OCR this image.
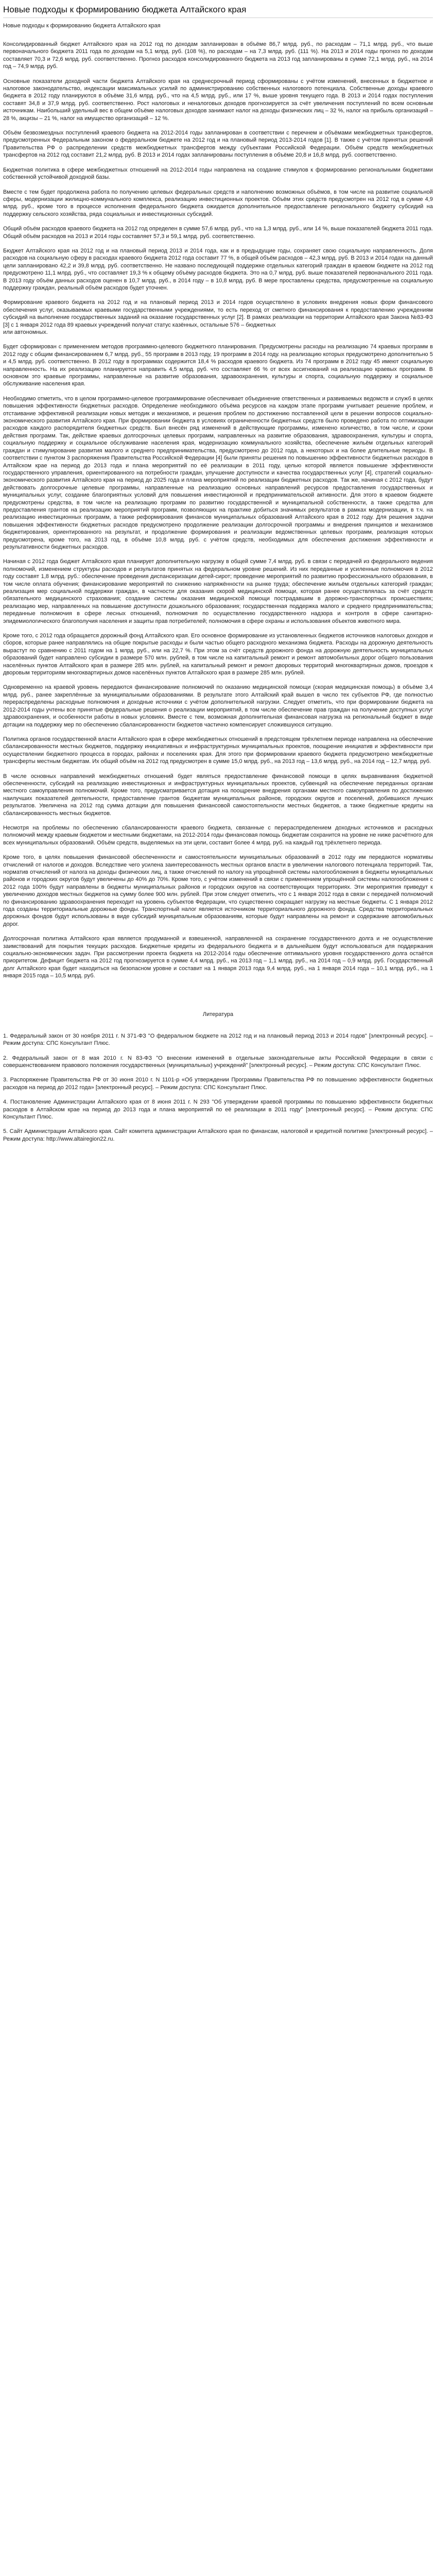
Новые подходы к формированию бюджета Алтайского края
Новые подходы к формированию бюджета Алтайского края

Консолидированный бюджет Алтайского края на 2012 год по доходам запланирован в объёме 86,7 млрд. руб., по расходам – 71,1 млрд. руб., что выше первоначального бюджета 2011 года по доходам на 5,1 млрд. руб. (108 %), по расходам – на 7,3 млрд. руб. (111 %). На 2013 и 2014 годы прогноз по доходам составляет 70,3 и 72,6 млрд. руб. соответственно. Прогноз расходов консолидированного бюджета на 2013 год запланированы в сумме 72,1 млрд. руб., на 2014 год – 74,9 млрд. руб.

Основные показатели доходной части бюджета Алтайского края на среднесрочный период сформированы с учётом изменений, внесенных в бюджетное и налоговое законодательство, индексации максимальных усилий по администрированию собственных налогового потенциала. Собственные доходы краевого бюджета в 2012 году планируются в объёме 31,6 млрд. руб., что на 4,5 млрд. руб., или 17 %, выше уровня текущего года. В 2013 и 2014 годах поступления составят 34,8 и 37,9 млрд. руб. соответственно. Рост налоговых и неналоговых доходов прогнозируется за счёт увеличения поступлений по всем основным источникам. Наибольший удельный вес в общем объёме налоговых доходов занимают налог на доходы физических лиц – 32 %, налог на прибыль организаций – 28 %, акцизы – 21 %, налог на имущество организаций – 12 %.

Объём безвозмездных поступлений краевого бюджета на 2012-2014 годы запланирован в соответствии с перечнем и объёмами межбюджетных трансфертов, предусмотренных Федеральным законом о федеральном бюджете на 2012 год и на плановый период 2013-2014 годов [1]. В также с учётом принятых решений Правительства РФ о распределении средств межбюджетных трансфертов между субъектами Российской Федерации. Объём средств межбюджетных трансфертов на 2012 год составит 21,2 млрд. руб. В 2013 и 2014 годах запланированы поступления в объёме 20,8 и 16,8 млрд. руб. соответственно.

Бюджетная политика в сфере межбюджетных отношений на 2012-2014 годы направлена на создание стимулов к формированию региональными бюджетами собственной устойчивой доходной базы.

Вместе с тем будет продолжена работа по получению целевых федеральных средств и наполнению возможных объёмов, в том числе на развитие социальной сферы, модернизации жилищно-коммунального комплекса, реализацию инвестиционных проектов. Объём этих средств предусмотрен на 2012 год в сумме 4,9 млрд. руб., кроме того в процессе исполнения федерального бюджета ожидается дополнительное предоставление регионального бюджету субсидий на поддержку сельского хозяйства, ряда социальных и инвестиционных субсидий.

Общий объём расходов краевого бюджета на 2012 год определен в сумме 57,6 млрд. руб., что на 1,3 млрд. руб., или 14 %, выше показателей бюджета 2011 года. Общий объём расходов на 2013 и 2014 годы составляет 57,3 и 59,1 млрд. руб. соответственно.

Бюджет Алтайского края на 2012 год и на плановый период 2013 и 2014 года, как и в предыдущие годы, сохраняет свою социальную направленность. Доля расходов на социальную сферу в расходах краевого бюджета 2012 года составит 77 %, в общей объём расходов – 42,3 млрд. руб. В 2013 и 2014 годах на данный цели запланировано 42,2 и 39,8 млрд. руб. соответственно. Не названо последующей поддержке отдельных категорий граждан в краевом бюджете на 2012 год предусмотрено 11,1 млрд. руб., что составляет 19,3 % к общему объёму расходов бюджета. Это на 0,7 млрд. руб. выше показателей первоначального 2011 года. В 2013 году объём данных расходов оценен в 10,7 млрд. руб., в 2014 году – в 10,8 млрд. руб. В мере проставлены средства, предусмотренные на социальную поддержку граждан, реальный объём расходов будет уточнен.

Формирование краевого бюджета на 2012 год и на плановый период 2013 и 2014 годов осуществлено в условиях внедрения новых форм финансового обеспечения услуг, оказываемых краевыми государственными учреждениями, то есть переход от сметного финансирования к предоставлению учреждениям субсидий на выполнение государственных заданий на оказание государственных услуг [2]. В рамках реализации на территории Алтайского края Закона №83-ФЗ [3] с 1 января 2012 года 89 краевых учреждений получат статус казённых, остальные 576 – бюджетных

или автономных.

Будет сформирован с применением методов программно-целевого бюджетного планирования. Предусмотрены расходы на реализацию 74 краевых программ в 2012 году с общим финансированием 6,7 млрд. руб., 55 программ в 2013 году, 19 программ в 2014 году. на реализацию которых предусмотрено дополнительно 5 и 4,5 млрд. руб. соответственно. В 2012 году в программах содержится 18,4 % расходов краевого бюджета. Из 74 программ в 2012 году 45 имеют социальную направленность. На их реализацию планируется направить 4,5 млрд. руб. что составляет 66 % от всех ассигнований на реализацию краевых программ. В основном это краевые программы, направленные на развитие образования, здравоохранения, культуры и спорта, социальную поддержку и социальное обслуживание населения края.

Необходимо отметить, что в целом программно-целевое программирование обеспечивает объединение ответственных и развиваемых ведомств и служб в целях повышения эффективности бюджетных расходов. Определение необходимого объёма ресурсов на каждом этапе программ учитывает решение проблем, и отстаивание эффективной реализации новых методик и механизмов, и решения проблем по достижению поставленной цели в решении вопросов социально-экономического развития Алтайского края. При формировании бюджета в условиях ограниченности бюджетных средств было проведено работа по оптимизации расходов каждого распорядителя бюджетных средств. Был внесён ряд изменений в действующие программы, изменено количество, в том числе, и сроки действия программ. Так, действие краевых долгосрочных целевых программ, направленных на развитие образования, здравоохранения, культуры и спорта, социальную поддержку и социальное обслуживание населения края, модернизацию коммунального хозяйства, обеспечение жильём отдельных категорий граждан и стимулирование развития малого и среднего предпринимательства, предусмотрено до 2012 года, а некоторых и на более длительные периоды. В соответствии с пунктом 3 распоряжения Правительства Российской Федерации [4] были приняты решения по повышению эффективности бюджетных расходов в Алтайском крае на период до 2013 года и плана мероприятий по её реализации в 2011 году, целью которой является повышение эффективности государственного управления, ориентированного на потребности граждан, улучшение доступности и качества государственных услуг [4], стратегий социально-экономического развития Алтайского края на период до 2025 года и плана мероприятий по реализации бюджетных расходов. Так же, начиная с 2012 года, будут действовать долгосрочные целевые программы, направленные на реализацию основных направлений ресурсов предоставления государственных и муниципальных услуг, создание благоприятных условий для повышения инвестиционной и предпринимательской активности. Для этого в краевом бюджете предусмотрены средства, в том числе на реализацию программ по развитию государственной и муниципальной собственности, а также средства для предоставления грантов на реализацию мероприятий программ, позволяющих на практике добиться значимых результатов в рамках модернизации, в т.ч. на реализацию инвестиционных программ, а также реформирования финансов муниципальных образований Алтайского края в 2012 году. Для решения задачи повышения эффективности бюджетных расходов предусмотрено продолжение реализации долгосрочной программы и внедрения принципов и механизмов бюджетирования, ориентированного на результат, и продолжение формирования и реализации ведомственных целевых программ, реализация которых предусмотрена, кроме того, на 2013 год, в объёме 10,8 млрд. руб. с учётом средств, необходимых для обеспечения достижения эффективности и результативности бюджетных расходов.

Начиная с 2012 года бюджет Алтайского края планирует дополнительную нагрузку в общей сумме 7,4 млрд. руб. в связи с передачей из федерального ведения полномочий, изменением структуры расходов и результатов принятых на федеральном уровне решений. Из них переданные и усиленные полномочия в 2012 году составят 1,8 млрд. руб.: обеспечение проведения диспансеризации детей-сирот; проведение мероприятий по развитию профессионального образования, в том числе оплата обучения; финансирование мероприятий по снижению напряжённости на рынке труда; обеспечение жильём отдельных категорий граждан; реализация мер социальной поддержки граждан, в частности для оказания скорой медицинской помощи, которая ранее осуществлялась за счёт средств обязательного медицинского страхования; создание системы оказания медицинской помощи пострадавшим в дорожно-транспортных происшествиях; реализацию мер, направленных на повышение доступности дошкольного образования; государственная поддержка малого и среднего предпринимательства; переданные полномочия в сфере лесных отношений, полномочия по осуществлению государственного надзора и контроля в сфере санитарно-эпидемиологического благополучия населения и защиты прав потребителей; полномочия в сфере охраны и использования объектов животного мира.

Кроме того, с 2012 года обращается дорожный фонд Алтайского края. Его основное формирование из установленных бюджетов источников налоговых доходов и сборов, которые ранее направлялись на общие покрытые расходы и были частью общего расходного механизма бюджета. Расходы на дорожную деятельность вырастут по сравнению с 2011 годом на 1 млрд. руб., или на 22,7 %. При этом за счёт средств дорожного фонда на дорожную деятельность муниципальных образований будет направлено субсидии в размере 570 млн. рублей, в том числе на капитальный ремонт и ремонт автомобильных дорог общего пользования населённых пунктов Алтайского края в размере 285 млн. рублей, на капитальный ремонт и ремонт дворовых территорий многоквартирных домов, проездов к дворовым территориям многоквартирных домов населённых пунктов Алтайского края в размере 285 млн. рублей.

Одновременно на краевой уровень передаются финансирование полномочий по оказанию медицинской помощи (скорая медицинская помощь) в объёме 3,4 млрд. руб., ранее закреплённые за муниципальными образованиями. В результате этого Алтайский край вышел в число тех субъектов РФ, где полностью перераспределены расходные полномочия и доходные источники с учётом дополнительной нагрузки. Следует отметить, что при формировании бюджета на 2012-2014 годы учтены все принятые федеральные решения о реализации мероприятий, в том числе обеспечение прав граждан на получение доступных услуг здравоохранения, и особенности работы в новых условиях. Вместе с тем, возможная дополнительная финансовая нагрузка на региональный бюджет в виде дотации на поддержку мер по обеспечению сбалансированности бюджетов частично компенсирует сложившуюся ситуацию.

Политика органов государственной власти Алтайского края в сфере межбюджетных отношений в предстоящем трёхлетнем периоде направлена на обеспечение сбалансированности местных бюджетов, поддержку инициативных и инфраструктурных муниципальных проектов, поощрение инициатив и эффективности при осуществлении бюджетного процесса в городах, районах и поселениях края. Для этого при формировании краевого бюджета предусмотрено межбюджетные трансферты местным бюджетам. Их общий объём на 2012 год предусмотрен в сумме 15,0 млрд. руб., на 2013 год – 13,6 млрд. руб., на 2014 год – 12,7 млрд. руб.

В числе основных направлений межбюджетных отношений будет являться предоставление финансовой помощи в целях выравнивания бюджетной обеспеченности, субсидий на реализацию инвестиционных и инфраструктурных муниципальных проектов, субвенций на обеспечение переданных органам местного самоуправления полномочий. Кроме того, предусматривается дотация на поощрение внедрения органами местного самоуправления по достижению наилучших показателей деятельности, предоставление грантов бюджетам муниципальных районов, городских округов и поселений, добившихся лучших результатов. Увеличена на 2012 год сумма дотации для повышения финансовой самостоятельности местных бюджетов, а также бюджетные кредиты на сбалансированность местных бюджетов.

Несмотря на проблемы по обеспечению сбалансированности краевого бюджета, связанные с перераспределением доходных источников и расходных полномочий между краевым бюджетом и местными бюджетами, на 2012-2014 годы финансовая помощь бюджетам сохранится на уровне не ниже расчётного для всех муниципальных образований. Объём средств, выделяемых на эти цели, составит более 4 млрд. руб. на каждый год трёхлетнего периода.

Кроме того, в целях повышения финансовой обеспеченности и самостоятельности муниципальных образований в 2012 году им передаются нормативы отчислений от налогов и доходов. Вследствие чего усилена заинтересованность местных органов власти в увеличении налогового потенциала территорий. Так, норматив отчислений от налога на доходы физических лиц, а также отчислений по налогу на упрощённой системы налогообложения в бюджеты муниципальных районов и городских округов будут увеличены до 40% до 70%. Кроме того, с учётом изменений в связи с применением упрощённой системы налогообложения с 2012 года 100% будут направлены в бюджеты муниципальных районов и городских округов на соответствующих территориях. Эти мероприятия приведут к увеличению доходов местных бюджетов на сумму более 900 млн. рублей. При этом следует отметить, что с 1 января 2012 года в связи с передачей полномочий по финансированию здравоохранения переходит на уровень субъектов Федерации, что существенно сокращает нагрузку на местные бюджеты. С 1 января 2012 года созданы территориальные дорожные фонды. Транспортный налог является источником территориального дорожного фонда. Средства территориальных дорожных фондов будут использованы в виде субсидий муниципальным образованиям, которые будут направлены на ремонт и содержание автомобильных дорог.

Долгосрочная политика Алтайского края является продуманной и взвешенной, направленной на сохранение государственного долга и не осуществление заимствований для покрытия текущих расходов. Бюджетные кредиты из федерального бюджета и в дальнейшем будут использоваться для поддержания социально-экономических задач. При рассмотрении проекта бюджета на 2012-2014 годы обеспечение оптимального уровня государственного долга остаётся приоритетом. Дефицит бюджета на 2012 год прогнозируется в сумме 4,4 млрд. руб., на 2013 год – 1,1 млрд. руб., на 2014 год – 0,9 млрд. руб. Государственный долг Алтайского края будет находиться на безопасном уровне и составит на 1 января 2013 года 9,4 млрд. руб., на 1 января 2014 года – 10,1 млрд. руб., на 1 января 2015 года – 10,5 млрд. руб.

Литература

1. Федеральный закон от 30 ноября 2011 г. N 371-ФЗ "О федеральном бюджете на 2012 год и на плановый период 2013 и 2014 годов" [электронный ресурс]. – Режим доступа: СПС Консультант Плюс.

2. Федеральный закон от 8 мая 2010 г. N 83-ФЗ "О внесении изменений в отдельные законодательные акты Российской Федерации в связи с совершенствованием правового положения государственных (муниципальных) учреждений" [электронный ресурс]. – Режим доступа: СПС Консультант Плюс.

3. Распоряжение Правительства РФ от 30 июня 2010 г. N 1101-р «Об утверждении Программы Правительства РФ по повышению эффективности бюджетных расходов на период до 2012 года» [электронный ресурс]. – Режим доступа: СПС Консультант Плюс.

4. Постановление Администрации Алтайского края от 8 июня 2011 г. N 293 "Об утверждении краевой программы по повышению эффективности бюджетных расходов в Алтайском крае на период до 2013 года и плана мероприятий по её реализации в 2011 году" [электронный ресурс]. – Режим доступа: СПС Консультант Плюс.

5. Сайт Администрации Алтайского края. Сайт комитета администрации Алтайского края по финансам, налоговой и кредитной политике [электронный ресурс]. – Режим доступа: http://www.altairegion22.ru.
